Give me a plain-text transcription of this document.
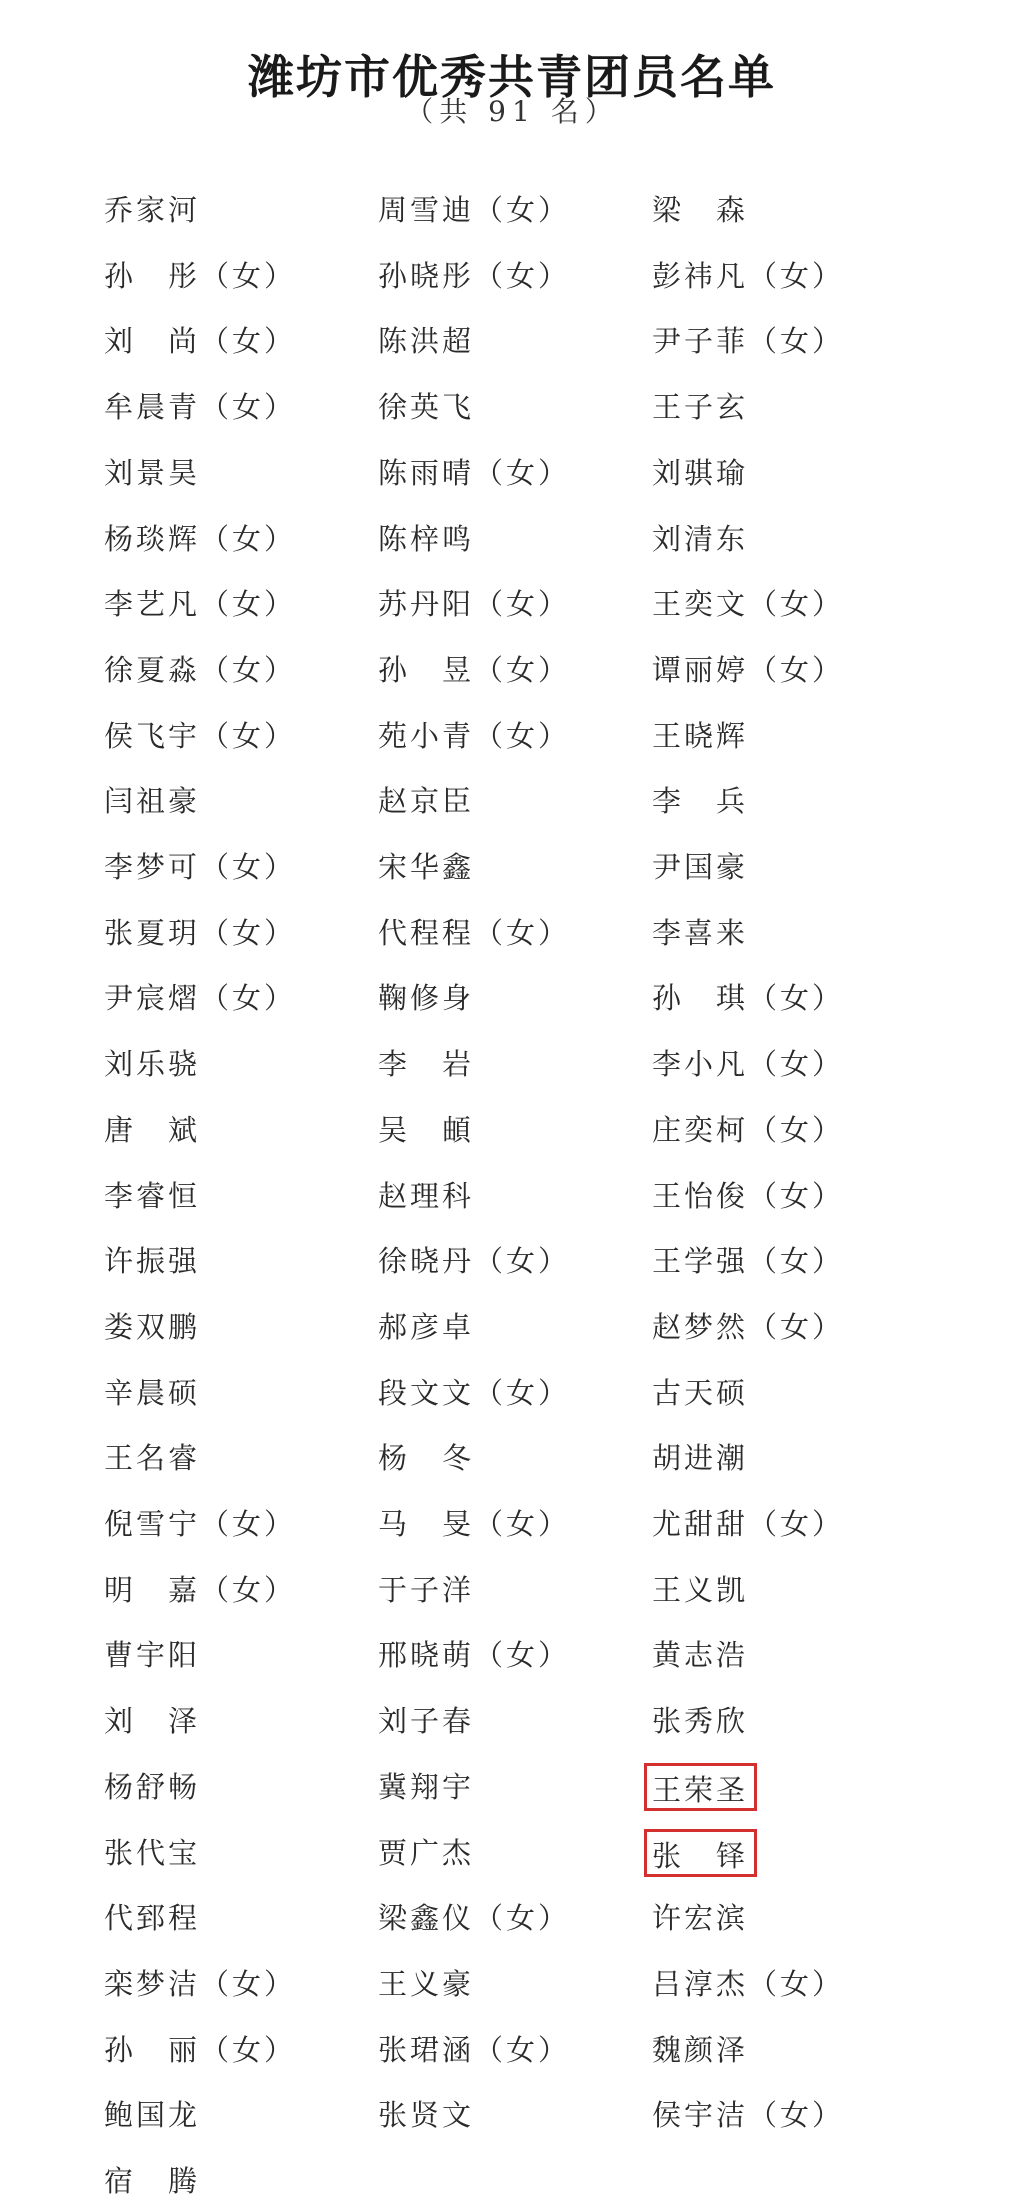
潍坊市优秀共青团员名单
（共 91 名）
乔家河	周雪迪（女）	梁　森
孙　彤（女）	孙晓彤（女）	彭祎凡（女）
刘　尚（女）	陈洪超	尹子菲（女）
牟晨青（女）	徐英飞	王子玄
刘景昊	陈雨晴（女）	刘骐瑜
杨琰辉（女）	陈梓鸣	刘清东
李艺凡（女）	苏丹阳（女）	王奕文（女）
徐夏淼（女）	孙　昱（女）	谭丽婷（女）
侯飞宇（女）	苑小青（女）	王晓辉
闫祖豪	赵京臣	李　兵
李梦可（女）	宋华鑫	尹国豪
张夏玥（女）	代程程（女）	李喜来
尹宸熠（女）	鞠修身	孙　琪（女）
刘乐骁	李　岩	李小凡（女）
唐　斌	吴　頔	庄奕柯（女）
李睿恒	赵理科	王怡俊（女）
许振强	徐晓丹（女）	王学强（女）
娄双鹏	郝彦卓	赵梦然（女）
辛晨硕	段文文（女）	古天硕
王名睿	杨　冬	胡进潮
倪雪宁（女）	马　旻（女）	尤甜甜（女）
明　嘉（女）	于子洋	王义凯
曹宇阳	邢晓萌（女）	黄志浩
刘　泽	刘子春	张秀欣
杨舒畅	冀翔宇	王荣圣
张代宝	贾广杰	张　铎
代郅程	梁鑫仪（女）	许宏滨
栾梦洁（女）	王义豪	吕淳杰（女）
孙　丽（女）	张珺涵（女）	魏颜泽
鲍国龙	张贤文	侯宇洁（女）
宿　腾
